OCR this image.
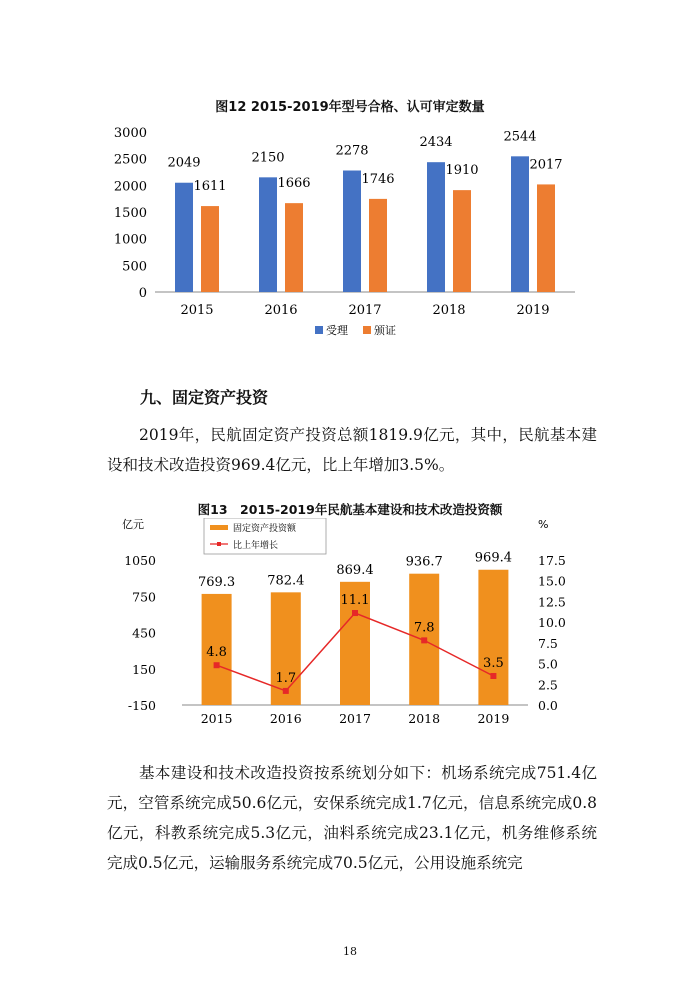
图12 2015-2019年型号合格、认可审定数量
0
500
1000
1500
2000
2500
3000
2015
2049
1611
2016
2150
1666
2017
2278
1746
2018
2434
1910
2019
2544
2017
受理 颁证
九、固定资产投资
2019年，民航固定资产投资总额1819.9亿元，其中，民航基本建设和技术改造投资969.4亿元，比上年增加3.5%。
图13　2015-2019年民航基本建设和技术改造投资额
亿元	%
固定资产投资额
比上年增长
1050
750
450
150
-150
17.5
15.0
12.5
10.0
7.5
5.0
2.5
0.0
2015
769.3
2016
782.4
2017
869.4
2018
936.7
2019
969.4
4.8
1.7
11.1
7.8
3.5
基本建设和技术改造投资按系统划分如下：机场系统完成751.4亿元，空管系统完成50.6亿元，安保系统完成1.7亿元，信息系统完成0.8亿元，科教系统完成5.3亿元，油料系统完成23.1亿元，机务维修系统完成0.5亿元，运输服务系统完成70.5亿元，公用设施系统完
18
